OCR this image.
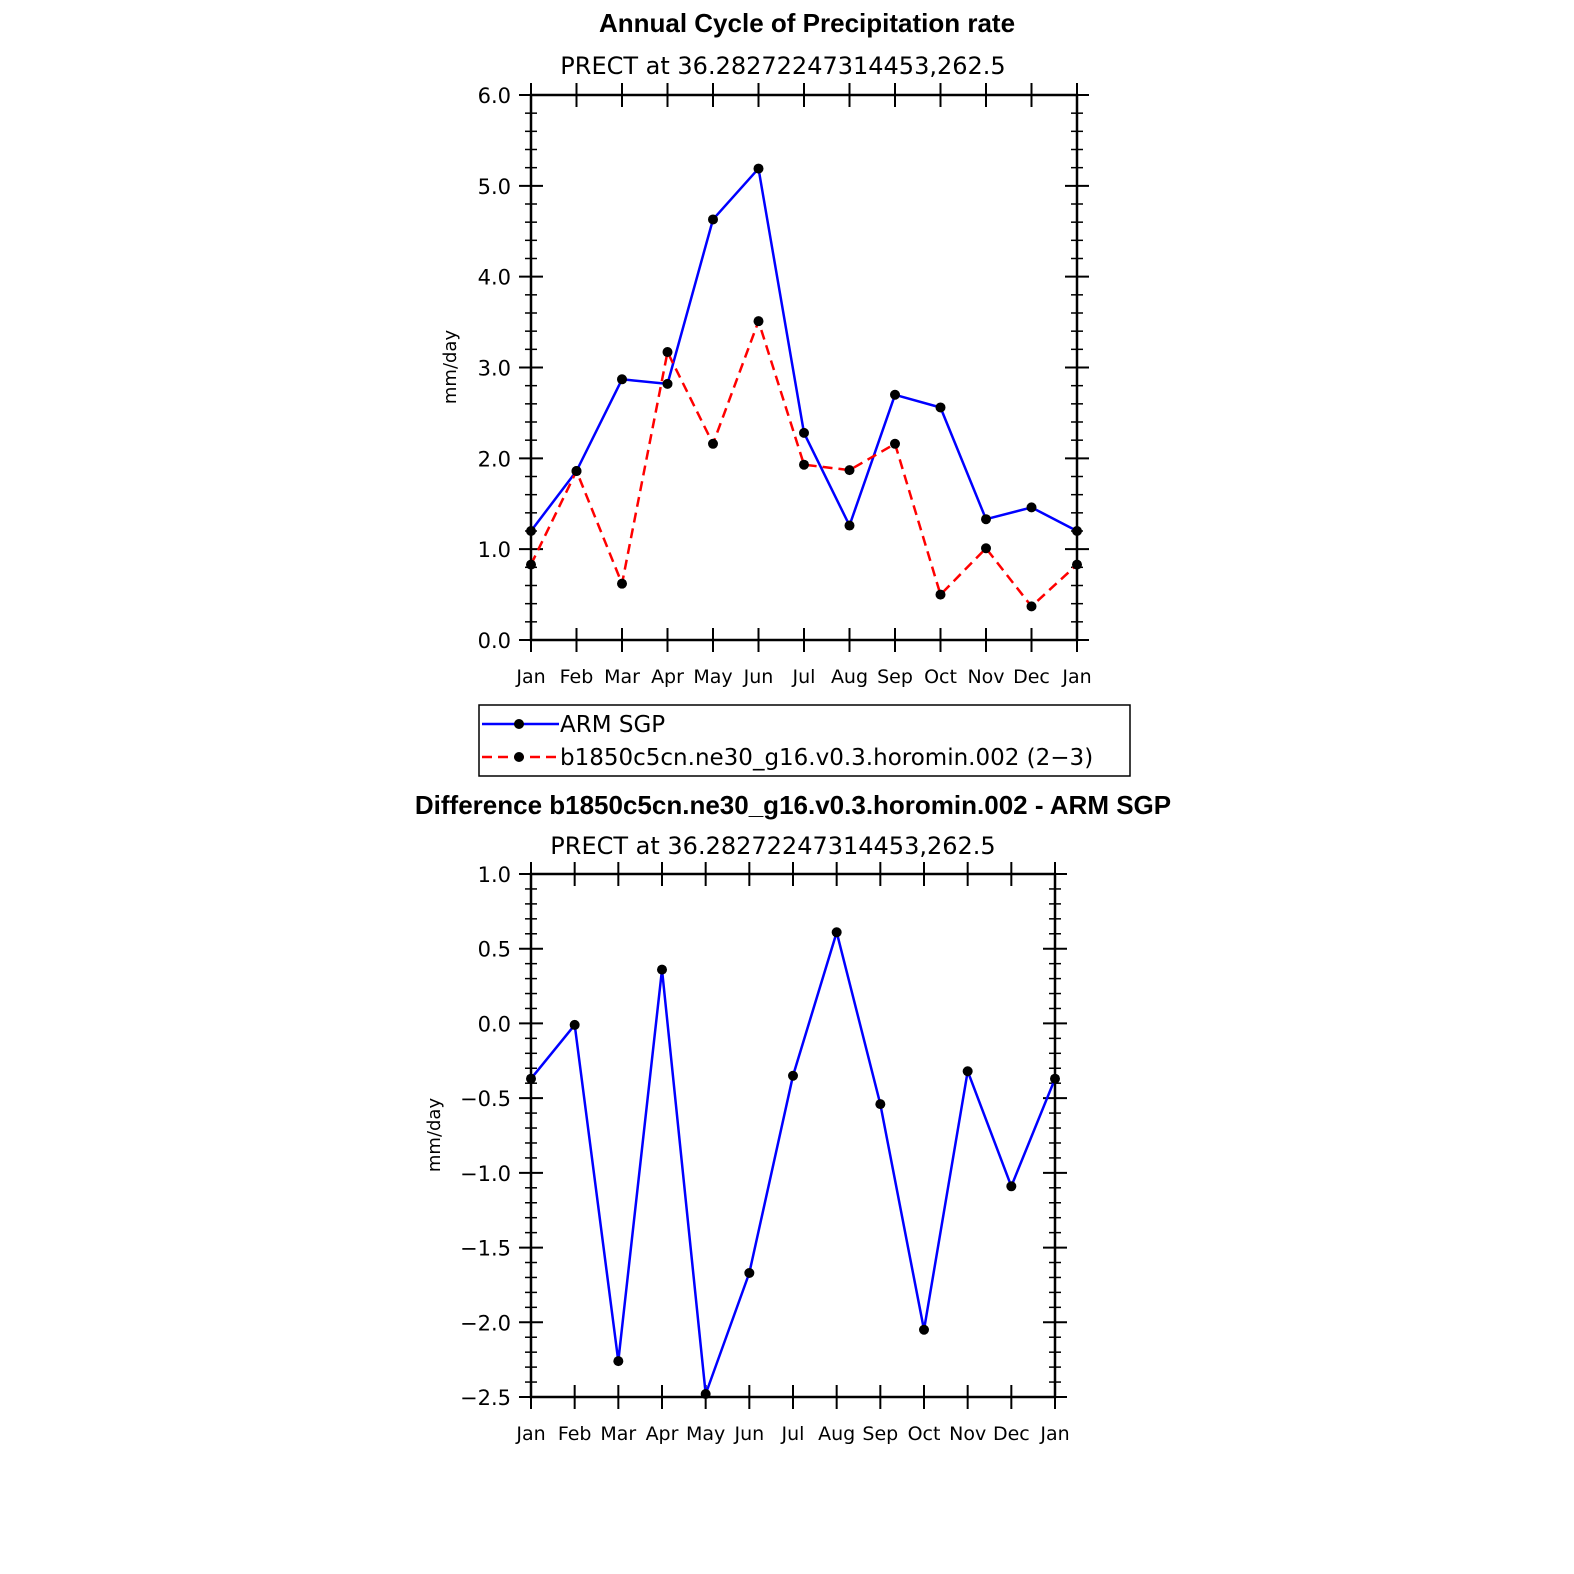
Annual Cycle of Precipitation rate
PRECT at 36.28272247314453,262.5
mm/day
0.0
1.0
2.0
3.0
4.0
5.0
6.0
Jan Feb Mar Apr May Jun Jul Aug Sep Oct Nov Dec Jan
ARM SGP
b1850c5cn.ne30_g16.v0.3.horomin.002 (2−3)
Difference b1850c5cn.ne30_g16.v0.3.horomin.002 - ARM SGP
PRECT at 36.28272247314453,262.5
mm/day
−2.5
−2.0
−1.5
−1.0
−0.5
0.0
0.5
1.0
Jan Feb Mar Apr May Jun Jul Aug Sep Oct Nov Dec Jan
